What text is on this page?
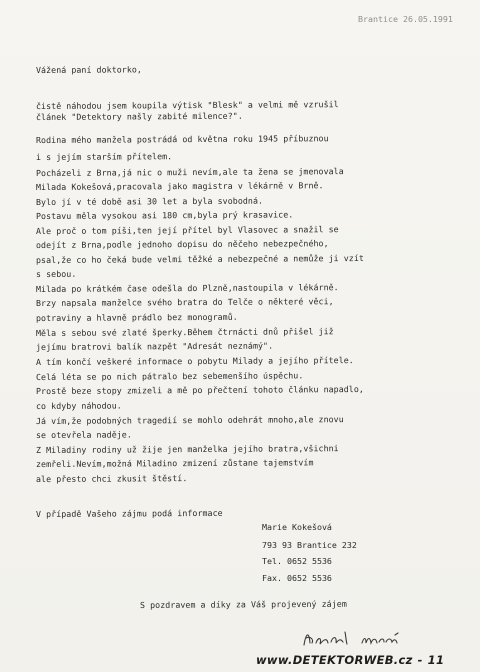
Brantice 26.05.1991
Vážená paní doktorko,
čistě náhodou jsem koupila výtisk "Blesk" a velmi mě vzrušil
článek "Detektory našly zabité milence?".
Rodina mého manžela postrádá od května roku 1945 příbuznou
i s jejím starším přítelem.
Pocházeli z Brna,já nic o muži nevím,ale ta žena se jmenovala
Milada Kokešová,pracovala jako magistra v lékárně v Brně.
Bylo jí v té době asi 30 let a byla svobodná.
Postavu měla vysokou asi 180 cm,byla prý krasavice.
Ale proč o tom píši,ten její přítel byl Vlasovec a snažil se
odejít z Brna,podle jednoho dopisu do něčeho nebezpečného,
psal,že co ho čeká bude velmi těžké a nebezpečné a nemůže ji vzít
s sebou.
Milada po krátkém čase odešla do Plzně,nastoupila v lékárně.
Brzy napsala manželce svého bratra do Telče o některé věci,
potraviny a hlavně prádlo bez monogramů.
Měla s sebou své zlaté šperky.Během čtrnácti dnů přišel již
jejímu bratrovi balík nazpět "Adresát neznámý".
A tím končí veškeré informace o pobytu Milady a jejího přítele.
Celá léta se po nich pátralo bez sebemenšího úspěchu.
Prostě beze stopy zmizeli a mě po přečtení tohoto článku napadlo,
co kdyby náhodou.
Já vím,že podobných tragedií se mohlo odehrát mnoho,ale znovu
se otevřela naděje.
Z Miladiny rodiny už žije jen manželka jejího bratra,všichni
zemřeli.Nevím,možná Miladino zmizení zůstane tajemstvím
ale přesto chci zkusit štěstí.
V případě Vašeho zájmu podá informace
Marie Kokešová
793 93 Brantice 232
Tel. 0652 5536
Fax. 0652 5536
S pozdravem a díky za Váš projevený zájem
www.DETEKTORWEB.cz - 11
